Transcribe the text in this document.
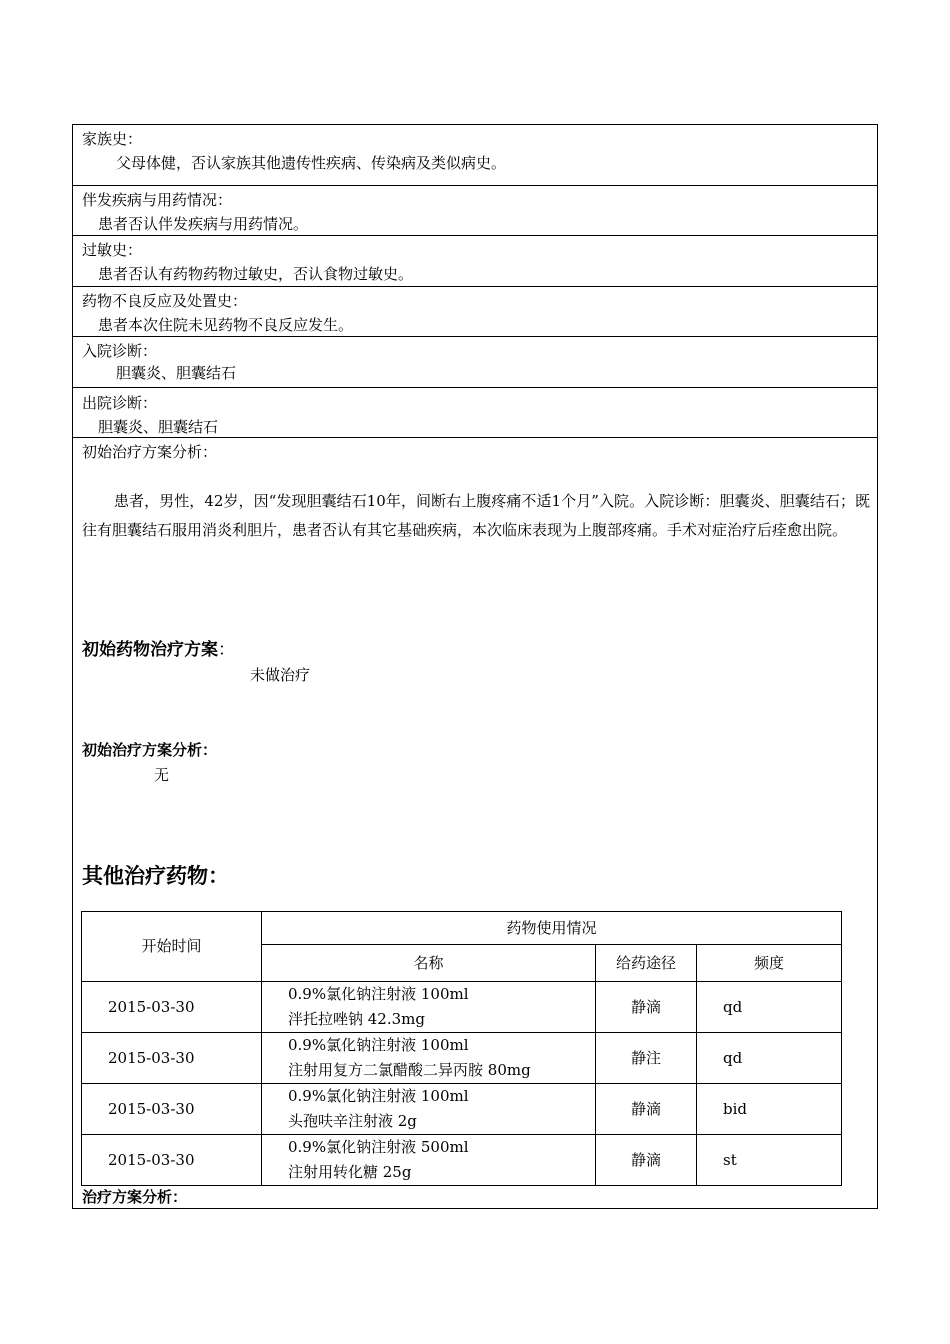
家族史：
父母体健，否认家族其他遗传性疾病、传染病及类似病史。
伴发疾病与用药情况：
患者否认伴发疾病与用药情况。
过敏史：
患者否认有药物药物过敏史，否认食物过敏史。
药物不良反应及处置史：
患者本次住院未见药物不良反应发生。
入院诊断：
胆囊炎、胆囊结石
出院诊断：
胆囊炎、胆囊结石
初始治疗方案分析：
患者，男性，42岁，因“发现胆囊结石10年，间断右上腹疼痛不适1个月”入院。入院诊断：胆囊炎、胆囊结石；既往有胆囊结石服用消炎利胆片，患者否认有其它基础疾病，本次临床表现为上腹部疼痛。手术对症治疗后痊愈出院。
初始药物治疗方案：
未做治疗
初始治疗方案分析：
无
其他治疗药物：
开始时间	药物使用情况		
	名称	给药途径	频度
2015-03-30	0.9%氯化钠注射液 100ml
泮托拉唑钠 42.3mg	静滴	qd
2015-03-30	0.9%氯化钠注射液 100ml
注射用复方二氯醋酸二异丙胺 80mg	静注	qd
2015-03-30	0.9%氯化钠注射液 100ml
头孢呋辛注射液 2g	静滴	bid
2015-03-30	0.9%氯化钠注射液 500ml
注射用转化糖 25g	静滴	st
治疗方案分析：
